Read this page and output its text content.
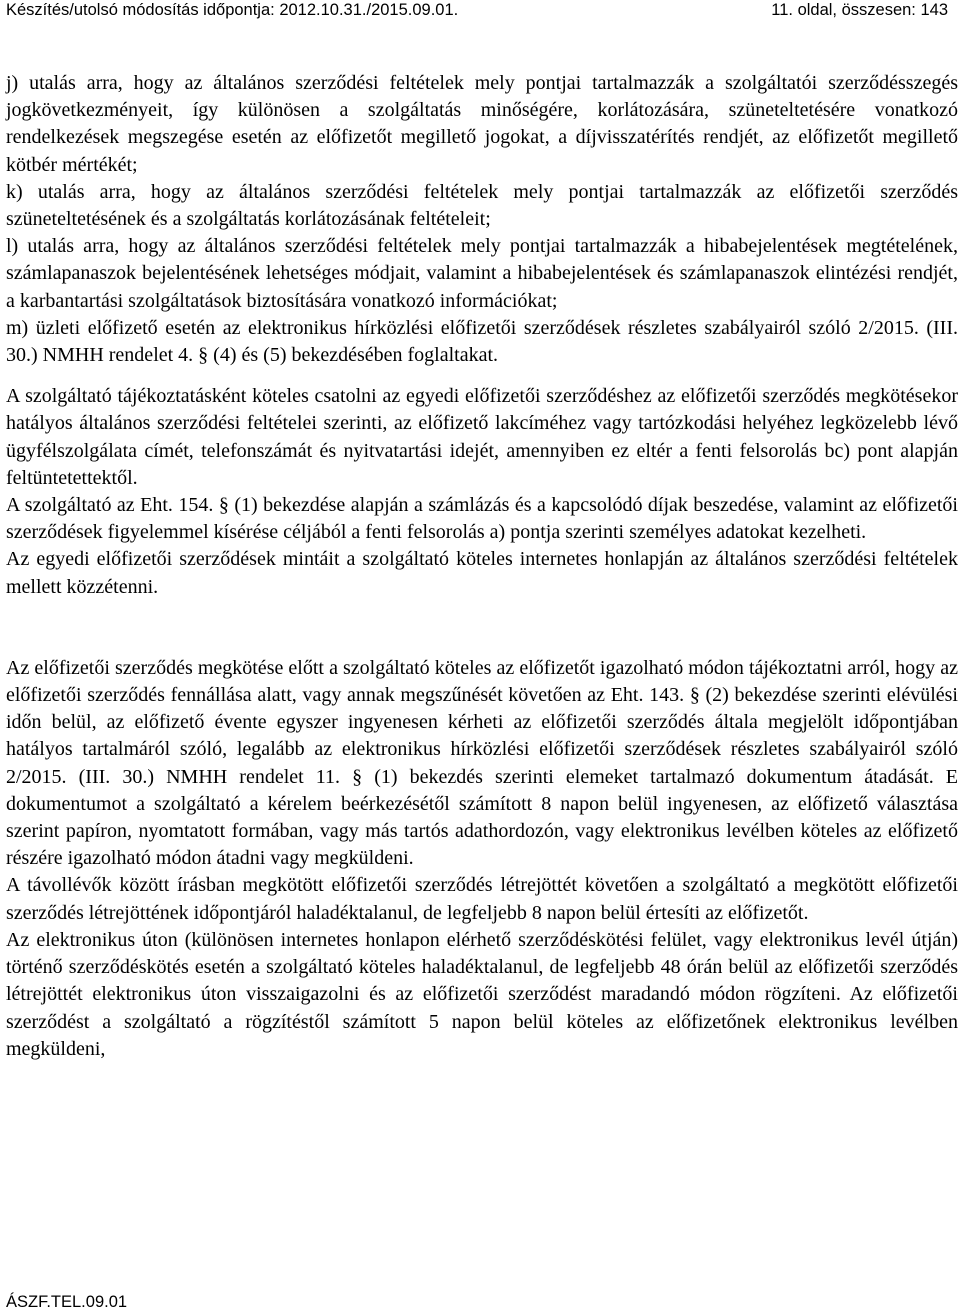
Készítés/utolsó módosítás időpontja: 2012.10.31./2015.09.01.	11. oldal, összesen: 143

j) utalás arra, hogy az általános szerződési feltételek mely pontjai tartalmazzák a szolgáltatói szerződésszegés jogkövetkezményeit, így különösen a szolgáltatás minőségére, korlátozására, szüneteltetésére vonatkozó rendelkezések megszegése esetén az előfizetőt megillető jogokat, a díjvisszatérítés rendjét, az előfizetőt megillető kötbér mértékét;

k) utalás arra, hogy az általános szerződési feltételek mely pontjai tartalmazzák az előfizetői szerződés szüneteltetésének és a szolgáltatás korlátozásának feltételeit;

l) utalás arra, hogy az általános szerződési feltételek mely pontjai tartalmazzák a hibabejelentések megtételének, számlapanaszok bejelentésének lehetséges módjait, valamint a hibabejelentések és számlapanaszok elintézési rendjét, a karbantartási szolgáltatások biztosítására vonatkozó információkat;

m) üzleti előfizető esetén az elektronikus hírközlési előfizetői szerződések részletes szabályairól szóló 2/2015. (III. 30.) NMHH rendelet 4. § (4) és (5) bekezdésében foglaltakat.

A szolgáltató tájékoztatásként köteles csatolni az egyedi előfizetői szerződéshez az előfizetői szerződés megkötésekor hatályos általános szerződési feltételei szerinti, az előfizető lakcíméhez vagy tartózkodási helyéhez legközelebb lévő ügyfélszolgálata címét, telefonszámát és nyitvatartási idejét, amennyiben ez eltér a fenti felsorolás bc) pont alapján feltüntetettektől.

A szolgáltató az Eht. 154. § (1) bekezdése alapján a számlázás és a kapcsolódó díjak beszedése, valamint az előfizetői szerződések figyelemmel kísérése céljából a fenti felsorolás a) pontja szerinti személyes adatokat kezelheti.

Az egyedi előfizetői szerződések mintáit a szolgáltató köteles internetes honlapján az általános szerződési feltételek mellett közzétenni.

Az előfizetői szerződés megkötése előtt a szolgáltató köteles az előfizetőt igazolható módon tájékoztatni arról, hogy az előfizetői szerződés fennállása alatt, vagy annak megszűnését követően az Eht. 143. § (2) bekezdése szerinti elévülési időn belül, az előfizető évente egyszer ingyenesen kérheti az előfizetői szerződés általa megjelölt időpontjában hatályos tartalmáról szóló, legalább az elektronikus hírközlési előfizetői szerződések részletes szabályairól szóló 2/2015. (III. 30.) NMHH rendelet 11. § (1) bekezdés szerinti elemeket tartalmazó dokumentum átadását. E dokumentumot a szolgáltató a kérelem beérkezésétől számított 8 napon belül ingyenesen, az előfizető választása szerint papíron, nyomtatott formában, vagy más tartós adathordozón, vagy elektronikus levélben köteles az előfizető részére igazolható módon átadni vagy megküldeni.

A távollévők között írásban megkötött előfizetői szerződés létrejöttét követően a szolgáltató a megkötött előfizetői szerződés létrejöttének időpontjáról haladéktalanul, de legfeljebb 8 napon belül értesíti az előfizetőt.

Az elektronikus úton (különösen internetes honlapon elérhető szerződéskötési felület, vagy elektronikus levél útján) történő szerződéskötés esetén a szolgáltató köteles haladéktalanul, de legfeljebb 48 órán belül az előfizetői szerződés létrejöttét elektronikus úton visszaigazolni és az előfizetői szerződést maradandó módon rögzíteni. Az előfizetői szerződést a szolgáltató a rögzítéstől számított 5 napon belül köteles az előfizetőnek elektronikus levélben megküldeni,

ÁSZF.TEL.09.01
